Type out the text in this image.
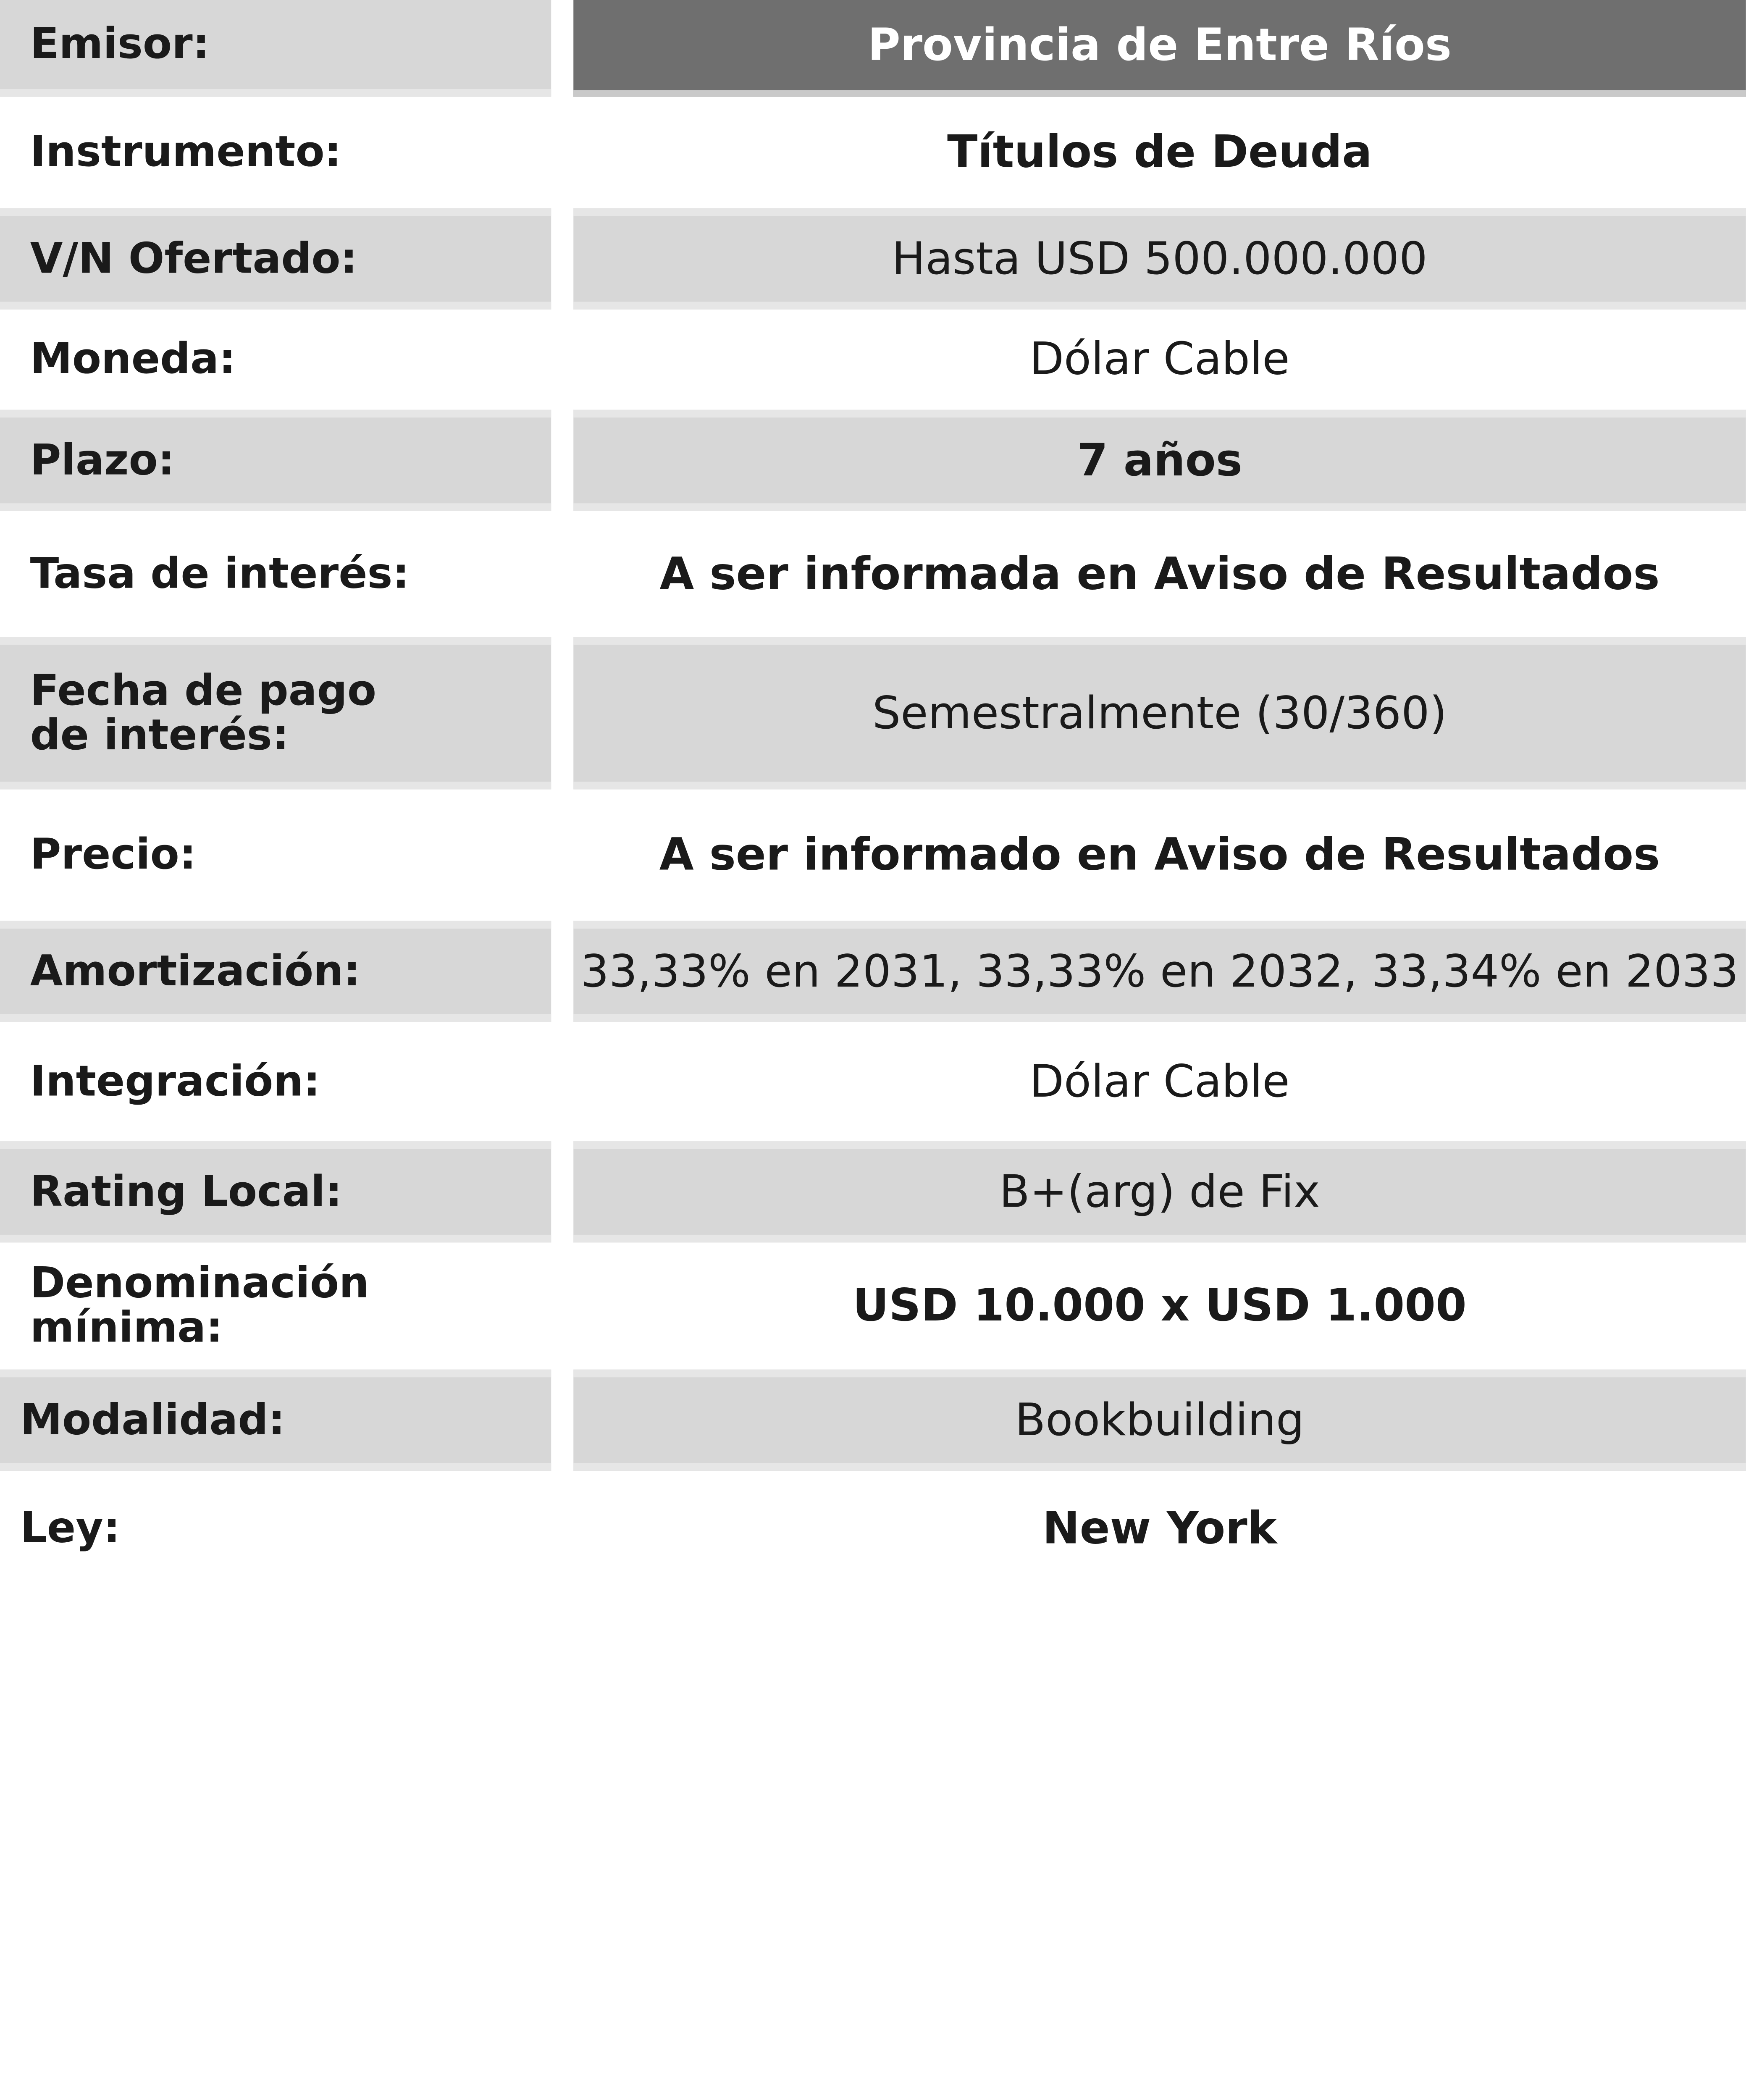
Emisor:	Provincia de Entre Ríos
Instrumento:	Títulos de Deuda
V/N Ofertado:	Hasta USD 500.000.000
Moneda:	Dólar Cable
Plazo:	7 años
Tasa de interés:	A ser informada en Aviso de Resultados
Fecha de pago
de interés:	Semestralmente (30/360)
Precio:	A ser informado en Aviso de Resultados
Amortización:	33,33% en 2031, 33,33% en 2032, 33,34% en 2033
Integración:	Dólar Cable
Rating Local:	B+(arg) de Fix
Denominación mínima:	USD 10.000 x USD 1.000
Modalidad:	Bookbuilding
Ley:	New York
